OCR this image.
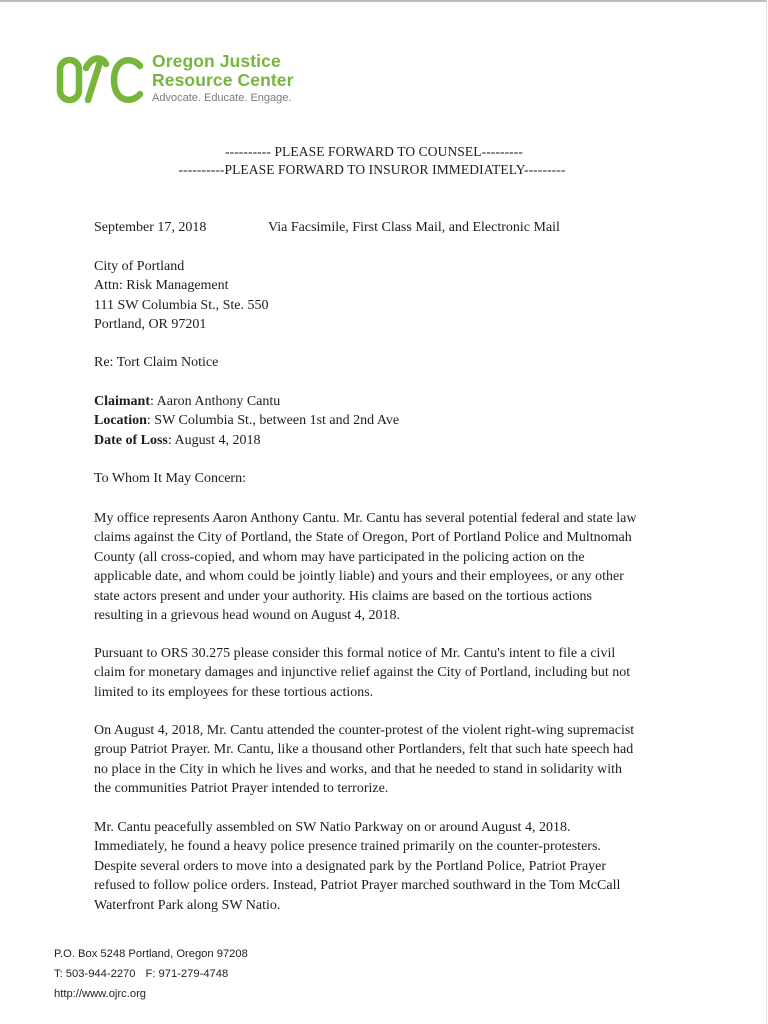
Oregon Justice
Resource Center
Advocate. Educate. Engage.
---------- PLEASE FORWARD TO COUNSEL---------
----------PLEASE FORWARD TO INSUROR IMMEDIATELY---------
September 17, 2018	Via Facsimile, First Class Mail, and Electronic Mail
City of Portland
Attn: Risk Management
111 SW Columbia St., Ste. 550
Portland, OR 97201
Re: Tort Claim Notice
Claimant: Aaron Anthony Cantu
Location: SW Columbia St., between 1st and 2nd Ave
Date of Loss: August 4, 2018
To Whom It May Concern:

My office represents Aaron Anthony Cantu. Mr. Cantu has several potential federal and state law

claims against the City of Portland, the State of Oregon, Port of Portland Police and Multnomah

County (all cross-copied, and whom may have participated in the policing action on the

applicable date, and whom could be jointly liable) and yours and their employees, or any other

state actors present and under your authority. His claims are based on the tortious actions

resulting in a grievous head wound on August 4, 2018.

Pursuant to ORS 30.275 please consider this formal notice of Mr. Cantu's intent to file a civil

claim for monetary damages and injunctive relief against the City of Portland, including but not

limited to its employees for these tortious actions.

On August 4, 2018, Mr. Cantu attended the counter-protest of the violent right-wing supremacist

group Patriot Prayer. Mr. Cantu, like a thousand other Portlanders, felt that such hate speech had

no place in the City in which he lives and works, and that he needed to stand in solidarity with

the communities Patriot Prayer intended to terrorize.

Mr. Cantu peacefully assembled on SW Natio Parkway on or around August 4, 2018.

Immediately, he found a heavy police presence trained primarily on the counter-protesters.

Despite several orders to move into a designated park by the Portland Police, Patriot Prayer

refused to follow police orders. Instead, Patriot Prayer marched southward in the Tom McCall

Waterfront Park along SW Natio.

P.O. Box 5248 Portland, Oregon 97208
T: 503-944-2270 F: 971-279-4748
http://www.ojrc.org
